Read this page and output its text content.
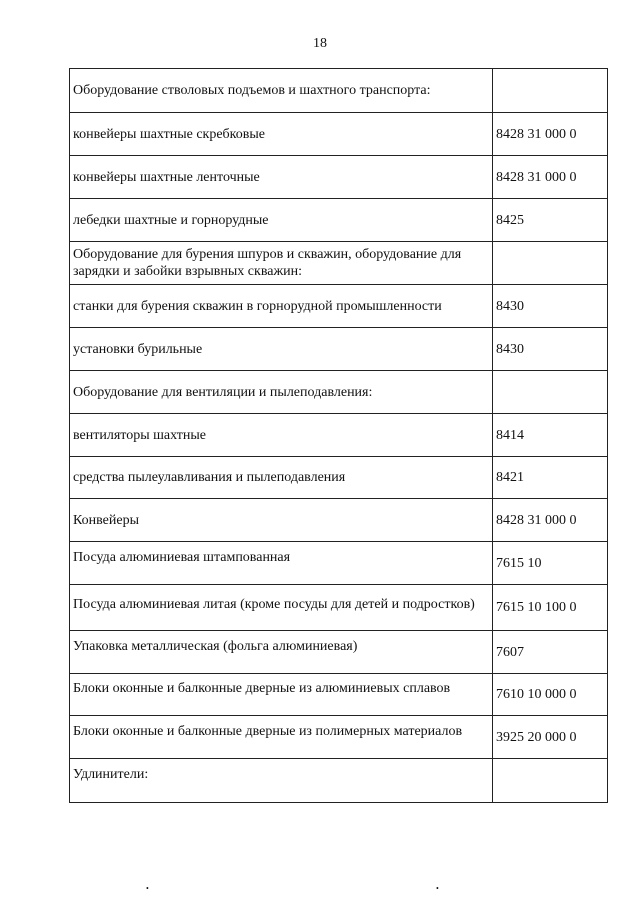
18
Оборудование стволовых подъемов и шахтного транспорта:	

конвейеры шахтные скребковые	8428 31 000 0

конвейеры шахтные ленточные	8428 31 000 0

лебедки шахтные и горнорудные	8425

Оборудование для бурения шпуров и скважин, оборудование для зарядки и забойки взрывных скважин:	

станки для бурения скважин в горнорудной промышленности	8430

установки бурильные	8430

Оборудование для вентиляции и пылеподавления:	

вентиляторы шахтные	8414

средства пылеулавливания и пылеподавления	8421

Конвейеры	8428 31 000 0

Посуда алюминиевая штампованная	7615 10

Посуда алюминиевая литая (кроме посуды для детей и подростков)	7615 10 100 0

Упаковка металлическая (фольга алюминиевая)	7607

Блоки оконные и балконные дверные из алюминиевых сплавов	7610 10 000 0

Блоки оконные и балконные дверные из полимерных материалов	3925 20 000 0

Удлинители:	

•	•
